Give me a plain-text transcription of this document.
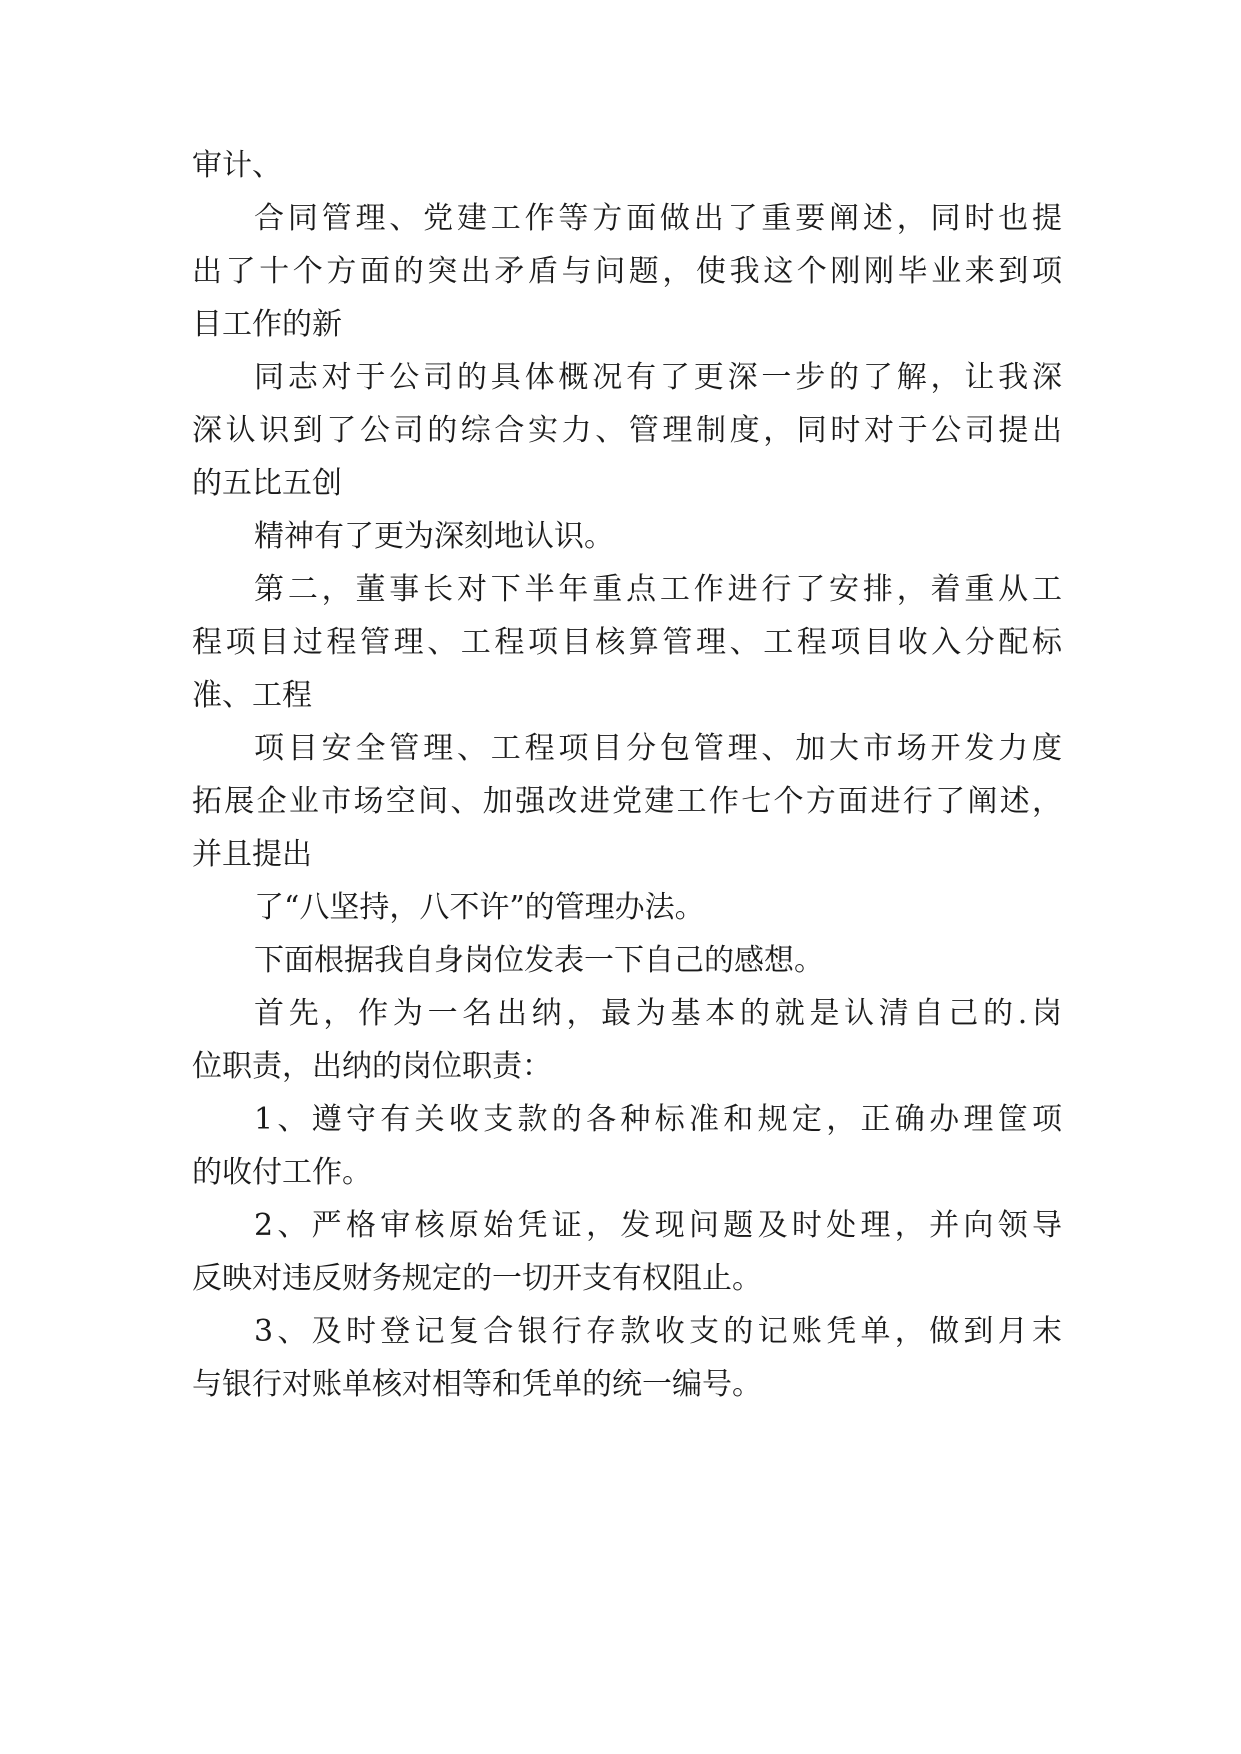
审计、
合同管理、党建工作等方面做出了重要阐述，同时也提
出了十个方面的突出矛盾与问题，使我这个刚刚毕业来到项
目工作的新
同志对于公司的具体概况有了更深一步的了解，让我深
深认识到了公司的综合实力、管理制度，同时对于公司提出
的五比五创
精神有了更为深刻地认识。
第二，董事长对下半年重点工作进行了安排，着重从工
程项目过程管理、工程项目核算管理、工程项目收入分配标
准、工程
项目安全管理、工程项目分包管理、加大市场开发力度
拓展企业市场空间、加强改进党建工作七个方面进行了阐述，
并且提出
了“八坚持，八不许”的管理办法。
下面根据我自身岗位发表一下自己的感想。
首先，作为一名出纳，最为基本的就是认清自己的.岗
位职责，出纳的岗位职责：
1、遵守有关收支款的各种标准和规定，正确办理筐项
的收付工作。
2、严格审核原始凭证，发现问题及时处理，并向领导
反映对违反财务规定的一切开支有权阻止。
3、及时登记复合银行存款收支的记账凭单，做到月末
与银行对账单核对相等和凭单的统一编号。
